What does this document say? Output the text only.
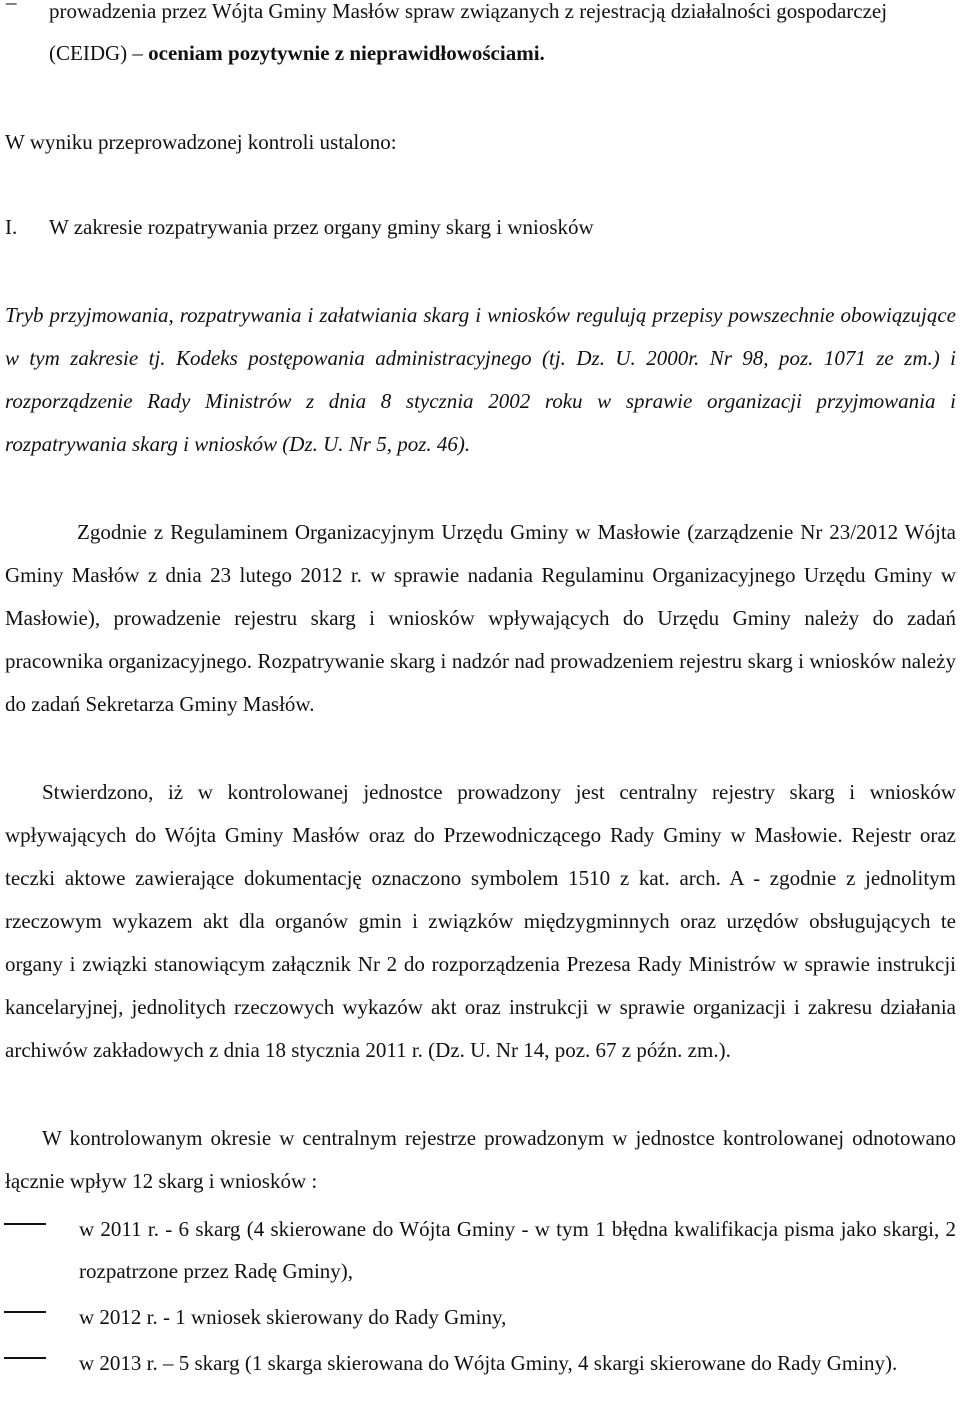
– prowadzenia przez Wójta Gminy Masłów spraw związanych z rejestracją działalności gospodarczej (CEIDG) – oceniam pozytywnie z nieprawidłowościami.
W wyniku przeprowadzonej kontroli ustalono:
I. W zakresie rozpatrywania przez organy gminy skarg i wniosków
Tryb przyjmowania, rozpatrywania i załatwiania skarg i wniosków regulują przepisy powszechnie obowiązujące w tym zakresie tj. Kodeks postępowania administracyjnego (tj. Dz. U. 2000r. Nr 98, poz. 1071 ze zm.) i rozporządzenie Rady Ministrów z dnia 8 stycznia 2002 roku w sprawie organizacji przyjmowania i rozpatrywania skarg i wniosków (Dz. U. Nr 5, poz. 46).
Zgodnie z Regulaminem Organizacyjnym Urzędu Gminy w Masłowie (zarządzenie Nr 23/2012 Wójta Gminy Masłów z dnia 23 lutego 2012 r. w sprawie nadania Regulaminu Organizacyjnego Urzędu Gminy w Masłowie), prowadzenie rejestru skarg i wniosków wpływających do Urzędu Gminy należy do zadań pracownika organizacyjnego. Rozpatrywanie skarg i nadzór nad prowadzeniem rejestru skarg i wniosków należy do zadań Sekretarza Gminy Masłów.
Stwierdzono, iż w kontrolowanej jednostce prowadzony jest centralny rejestry skarg i wniosków wpływających do Wójta Gminy Masłów oraz do Przewodniczącego Rady Gminy w Masłowie. Rejestr oraz teczki aktowe zawierające dokumentację oznaczono symbolem 1510 z kat. arch. A - zgodnie z jednolitym rzeczowym wykazem akt dla organów gmin i związków międzygminnych oraz urzędów obsługujących te organy i związki stanowiącym załącznik Nr 2 do rozporządzenia Prezesa Rady Ministrów w sprawie instrukcji kancelaryjnej, jednolitych rzeczowych wykazów akt oraz instrukcji w sprawie organizacji i zakresu działania archiwów zakładowych z dnia 18 stycznia 2011 r. (Dz. U. Nr 14, poz. 67 z późn. zm.).
W kontrolowanym okresie w centralnym rejestrze prowadzonym w jednostce kontrolowanej odnotowano łącznie wpływ 12 skarg i wniosków :
w 2011 r. - 6 skarg (4 skierowane do Wójta Gminy - w tym 1 błędna kwalifikacja pisma jako skargi, 2 rozpatrzone przez Radę Gminy),
w 2012 r. - 1 wniosek skierowany do Rady Gminy,
w 2013 r. – 5 skarg (1 skarga skierowana do Wójta Gminy, 4 skargi skierowane do Rady Gminy).
